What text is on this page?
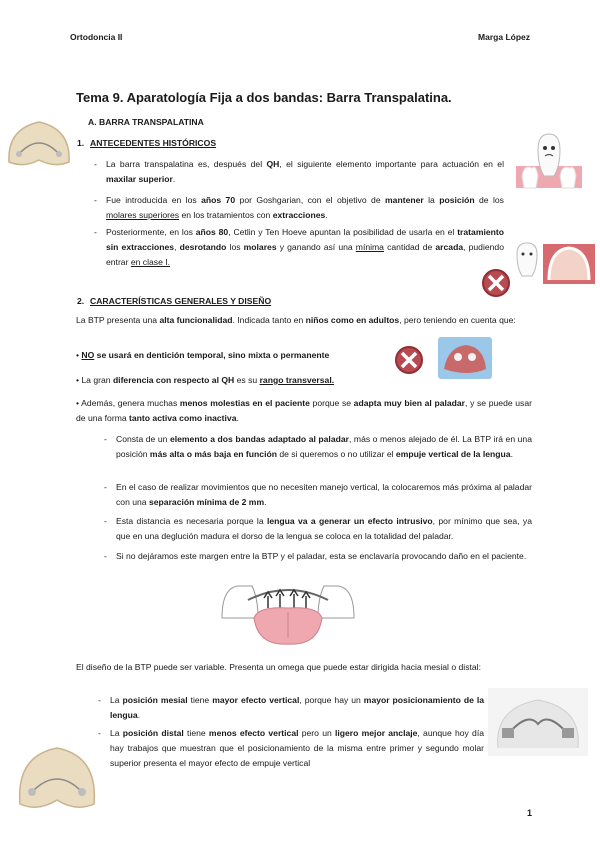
Ortodoncia II	Marga López
Tema 9. Aparatología Fija a dos bandas: Barra Transpalatina.
A. BARRA TRANSPALATINA
1. ANTECEDENTES HISTÓRICOS
- La barra transpalatina es, después del QH, el siguiente elemento importante para actuación en el maxilar superior.
- Fue introducida en los años 70 por Goshgarian, con el objetivo de mantener la posición de los molares superiores en los tratamientos con extracciones.
- Posteriormente, en los años 80, Cetlin y Ten Hoeve apuntan la posibilidad de usarla en el tratamiento sin extracciones, desrotando los molares y ganando así una mínima cantidad de arcada, pudiendo entrar en clase I.
2. CARACTERÍSTICAS GENERALES Y DISEÑO
La BTP presenta una alta funcionalidad. Indicada tanto en niños como en adultos, pero teniendo en cuenta que:
• NO se usará en dentición temporal, sino mixta o permanente
• La gran diferencia con respecto al QH es su rango transversal.
• Además, genera muchas menos molestias en el paciente porque se adapta muy bien al paladar, y se puede usar de una forma tanto activa como inactiva.
- Consta de un elemento a dos bandas adaptado al paladar, más o menos alejado de él. La BTP irá en una posición más alta o más baja en función de si queremos o no utilizar el empuje vertical de la lengua.
- En el caso de realizar movimientos que no necesiten manejo vertical, la colocaremos más próxima al paladar con una separación mínima de 2 mm.
- Esta distancia es necesaria porque la lengua va a generar un efecto intrusivo, por mínimo que sea, ya que en una deglución madura el dorso de la lengua se coloca en la totalidad del paladar.
- Si no dejáramos este margen entre la BTP y el paladar, esta se enclavaría provocando daño en el paciente.
El diseño de la BTP puede ser variable. Presenta un omega que puede estar dirigida hacia mesial o distal:
- La posición mesial tiene mayor efecto vertical, porque hay un mayor posicionamiento de la lengua.
- La posición distal tiene menos efecto vertical pero un ligero mejor anclaje, aunque hoy día hay trabajos que muestran que el posicionamiento de la misma entre primer y segundo molar superior presenta el mayor efecto de empuje vertical
1
